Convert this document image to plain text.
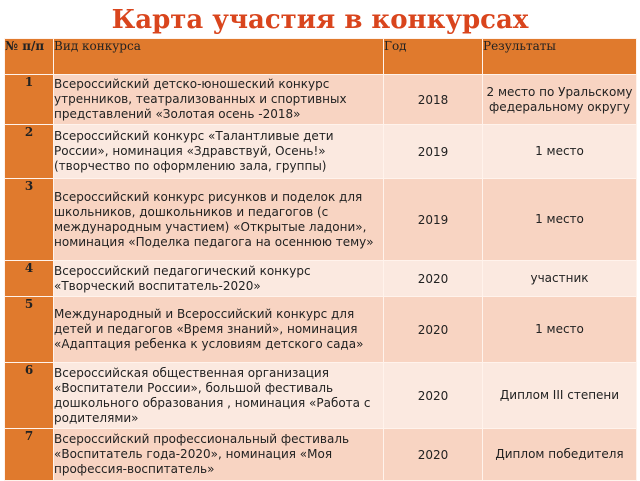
Карта участия в конкурсах
№ п/п	Вид конкурса	Год	Результаты
1	Всероссийский детско-юношеский конкурс утренников, театрализованных и спортивных представлений «Золотая осень -2018»	2018	2 место по Уральскому федеральному округу
2	Всероссийский конкурс «Талантливые дети России», номинация «Здравствуй, Осень!» (творчество по оформлению зала, группы)	2019	1 место
3	Всероссийский конкурс рисунков и поделок для школьников, дошкольников и педагогов (с международным участием) «Открытые ладони», номинация «Поделка педагога на осеннюю тему»	2019	1 место
4	Всероссийский педагогический конкурс «Творческий воспитатель-2020»	2020	участник
5	Международный и Всероссийский конкурс для детей и педагогов «Время знаний», номинация «Адаптация ребенка к условиям детского сада»	2020	1 место
6	Всероссийская общественная организация «Воспитатели России», большой фестиваль дошкольного образования , номинация «Работа с родителями»	2020	Диплом III степени
7	Всероссийский профессиональный фестиваль «Воспитатель года-2020», номинация «Моя профессия-воспитатель»	2020	Диплом победителя
